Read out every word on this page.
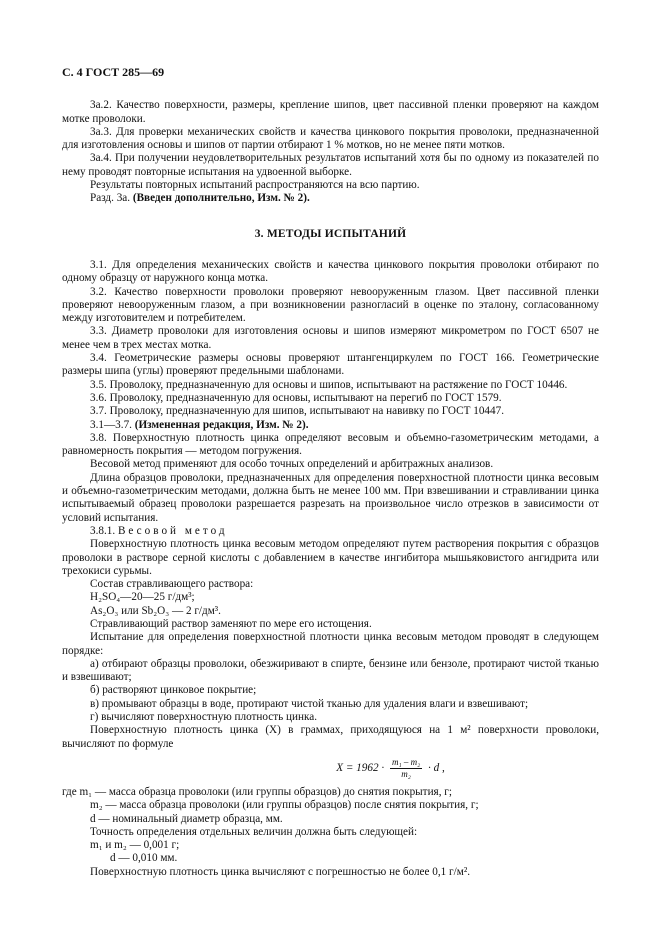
С. 4 ГОСТ 285—69

3а.2. Качество поверхности, размеры, крепление шипов, цвет пассивной пленки проверяют на каждом мотке проволоки.

3а.3. Для проверки механических свойств и качества цинкового покрытия проволоки, предназначенной для изготовления основы и шипов от партии отбирают 1 % мотков, но не менее пяти мотков.

3а.4. При получении неудовлетворительных результатов испытаний хотя бы по одному из показателей по нему проводят повторные испытания на удвоенной выборке.

Результаты повторных испытаний распространяются на всю партию.

Разд. 3а. (Введен дополнительно, Изм. № 2).

3. МЕТОДЫ ИСПЫТАНИЙ

3.1. Для определения механических свойств и качества цинкового покрытия проволоки отбирают по одному образцу от наружного конца мотка.

3.2. Качество поверхности проволоки проверяют невооруженным глазом. Цвет пассивной пленки проверяют невооруженным глазом, а при возникновении разногласий в оценке по эталону, согласованному между изготовителем и потребителем.

3.3. Диаметр проволоки для изготовления основы и шипов измеряют микрометром по ГОСТ 6507 не менее чем в трех местах мотка.

3.4. Геометрические размеры основы проверяют штангенциркулем по ГОСТ 166. Геометрические размеры шипа (углы) проверяют предельными шаблонами.

3.5. Проволоку, предназначенную для основы и шипов, испытывают на растяжение по ГОСТ 10446.

3.6. Проволоку, предназначенную для основы, испытывают на перегиб по ГОСТ 1579.

3.7. Проволоку, предназначенную для шипов, испытывают на навивку по ГОСТ 10447.

3.1—3.7. (Измененная редакция, Изм. № 2).

3.8. Поверхностную плотность цинка определяют весовым и объемно-газометрическим методами, а равномерность покрытия — методом погружения.

Весовой метод применяют для особо точных определений и арбитражных анализов.

Длина образцов проволоки, предназначенных для определения поверхностной плотности цинка весовым и объемно-газометрическим методами, должна быть не менее 100 мм. При взвешивании и стравливании цинка испытываемый образец проволоки разрешается разрезать на произвольное число отрезков в зависимости от условий испытания.

3.8.1. Весовой метод

Поверхностную плотность цинка весовым методом определяют путем растворения покрытия с образцов проволоки в растворе серной кислоты с добавлением в качестве ингибитора мышьяковистого ангидрита или трехокиси сурьмы.

Состав стравливающего раствора:

H₂SO₄—20—25 г/дм³;

As₂O₃ или Sb₂O₃ — 2 г/дм³.

Стравливающий раствор заменяют по мере его истощения.

Испытание для определения поверхностной плотности цинка весовым методом проводят в следующем порядке:

а) отбирают образцы проволоки, обезжиривают в спирте, бензине или бензоле, протирают чистой тканью и взвешивают;

б) растворяют цинковое покрытие;

в) промывают образцы в воде, протирают чистой тканью для удаления влаги и взвешивают;

г) вычисляют поверхностную плотность цинка.

Поверхностную плотность цинка (X) в граммах, приходящуюся на 1 м² поверхности проволоки, вычисляют по формуле

$X = 1962 \cdot \frac{\text{m₁ – m₂}}{\text{m₂}} \cdot d$ ,

где m₁ — масса образца проволоки (или группы образцов) до снятия покрытия, г;

m₂ — масса образца проволоки (или группы образцов) после снятия покрытия, г;

d — номинальный диаметр образца, мм.

Точность определения отдельных величин должна быть следующей:

m₁ и m₂ — 0,001 г;

d — 0,010 мм.

Поверхностную плотность цинка вычисляют с погрешностью не более 0,1 г/м².
